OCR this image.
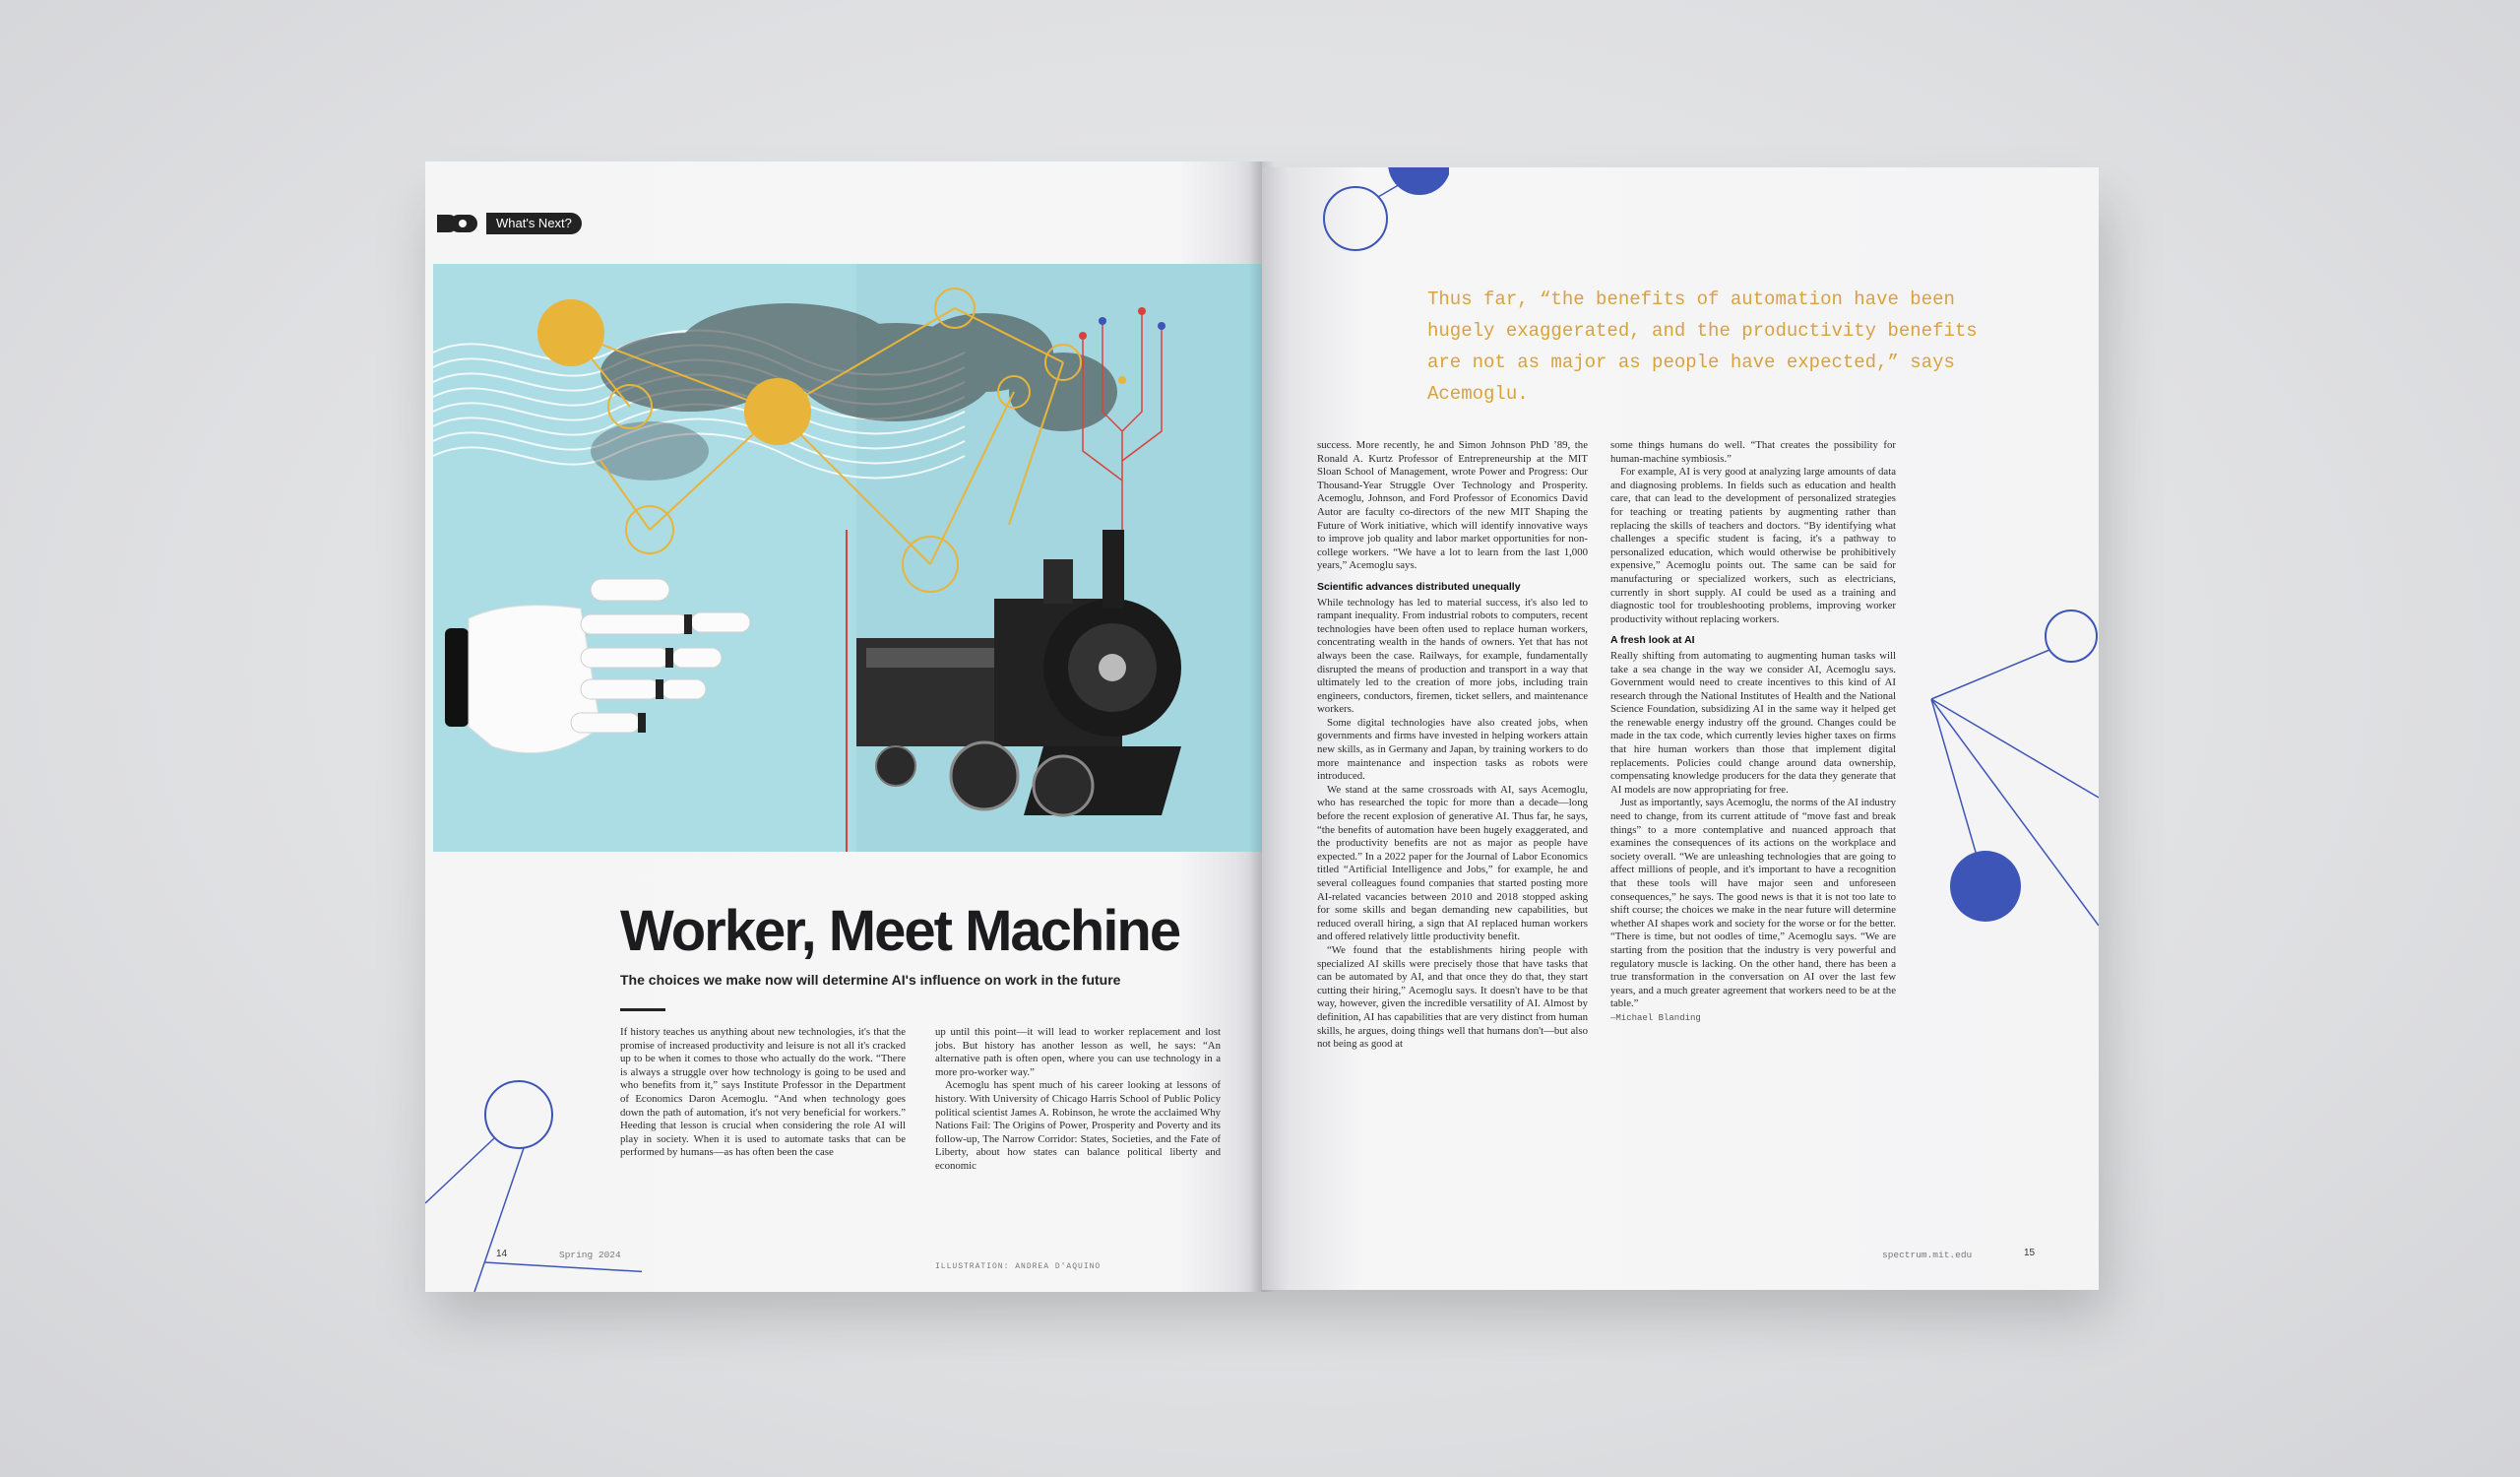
What's Next?
Worker, Meet Machine
The choices we make now will determine AI's influence on work in the future

If history teaches us anything about new technologies, it's that the promise of increased productivity and leisure is not all it's cracked up to be when it comes to those who actually do the work. “There is always a struggle over how technology is going to be used and who benefits from it,” says Institute Professor in the Department of Economics Daron Acemoglu. “And when technology goes down the path of automation, it's not very beneficial for workers.” Heeding that lesson is crucial when considering the role AI will play in society. When it is used to automate tasks that can be performed by humans—as has often been the case

up until this point—it will lead to worker replacement and lost jobs. But history has another lesson as well, he says: “An alternative path is often open, where you can use technology in a more pro-worker way.”

Acemoglu has spent much of his career looking at lessons of history. With University of Chicago Harris School of Public Policy political scientist James A. Robinson, he wrote the acclaimed Why Nations Fail: The Origins of Power, Prosperity and Poverty and its follow-up, The Narrow Corridor: States, Societies, and the Fate of Liberty, about how states can balance political liberty and economic

14	Spring 2024
ILLUSTRATION: ANDREA D'AQUINO
Thus far, “the benefits of automation have been hugely exaggerated, and the productivity benefits are not as major as people have expected,” says Acemoglu.

success. More recently, he and Simon Johnson PhD ’89, the Ronald A. Kurtz Professor of Entrepreneurship at the MIT Sloan School of Management, wrote Power and Progress: Our Thousand-Year Struggle Over Technology and Prosperity. Acemoglu, Johnson, and Ford Professor of Economics David Autor are faculty co-directors of the new MIT Shaping the Future of Work initiative, which will identify innovative ways to improve job quality and labor market opportunities for non-college workers. “We have a lot to learn from the last 1,000 years,” Acemoglu says.

Scientific advances distributed unequally

While technology has led to material success, it's also led to rampant inequality. From industrial robots to computers, recent technologies have been often used to replace human workers, concentrating wealth in the hands of owners. Yet that has not always been the case. Railways, for example, fundamentally disrupted the means of production and transport in a way that ultimately led to the creation of more jobs, including train engineers, conductors, firemen, ticket sellers, and maintenance workers.

Some digital technologies have also created jobs, when governments and firms have invested in helping workers attain new skills, as in Germany and Japan, by training workers to do more maintenance and inspection tasks as robots were introduced.

We stand at the same crossroads with AI, says Acemoglu, who has researched the topic for more than a decade—long before the recent explosion of generative AI. Thus far, he says, “the benefits of automation have been hugely exaggerated, and the productivity benefits are not as major as people have expected.” In a 2022 paper for the Journal of Labor Economics titled “Artificial Intelligence and Jobs,” for example, he and several colleagues found companies that started posting more AI-related vacancies between 2010 and 2018 stopped asking for some skills and began demanding new capabilities, but reduced overall hiring, a sign that AI replaced human workers and offered relatively little productivity benefit.

“We found that the establishments hiring people with specialized AI skills were precisely those that have tasks that can be automated by AI, and that once they do that, they start cutting their hiring,” Acemoglu says. It doesn't have to be that way, however, given the incredible versatility of AI. Almost by definition, AI has capabilities that are very distinct from human skills, he argues, doing things well that humans don't—but also not being as good at

some things humans do well. “That creates the possibility for human-machine symbiosis.”

For example, AI is very good at analyzing large amounts of data and diagnosing problems. In fields such as education and health care, that can lead to the development of personalized strategies for teaching or treating patients by augmenting rather than replacing the skills of teachers and doctors. “By identifying what challenges a specific student is facing, it's a pathway to personalized education, which would otherwise be prohibitively expensive,” Acemoglu points out. The same can be said for manufacturing or specialized workers, such as electricians, currently in short supply. AI could be used as a training and diagnostic tool for troubleshooting problems, improving worker productivity without replacing workers.

A fresh look at AI

Really shifting from automating to augmenting human tasks will take a sea change in the way we consider AI, Acemoglu says. Government would need to create incentives to this kind of AI research through the National Institutes of Health and the National Science Foundation, subsidizing AI in the same way it helped get the renewable energy industry off the ground. Changes could be made in the tax code, which currently levies higher taxes on firms that hire human workers than those that implement digital replacements. Policies could change around data ownership, compensating knowledge producers for the data they generate that AI models are now appropriating for free.

Just as importantly, says Acemoglu, the norms of the AI industry need to change, from its current attitude of “move fast and break things” to a more contemplative and nuanced approach that examines the consequences of its actions on the workplace and society overall. “We are unleashing technologies that are going to affect millions of people, and it's important to have a recognition that these tools will have major seen and unforeseen consequences,” he says. The good news is that it is not too late to shift course; the choices we make in the near future will determine whether AI shapes work and society for the worse or for the better. “There is time, but not oodles of time,” Acemoglu says. “We are starting from the position that the industry is very powerful and regulatory muscle is lacking. On the other hand, there has been a true transformation in the conversation on AI over the last few years, and a much greater agreement that workers need to be at the table.”

—Michael Blanding
spectrum.mit.edu	15
